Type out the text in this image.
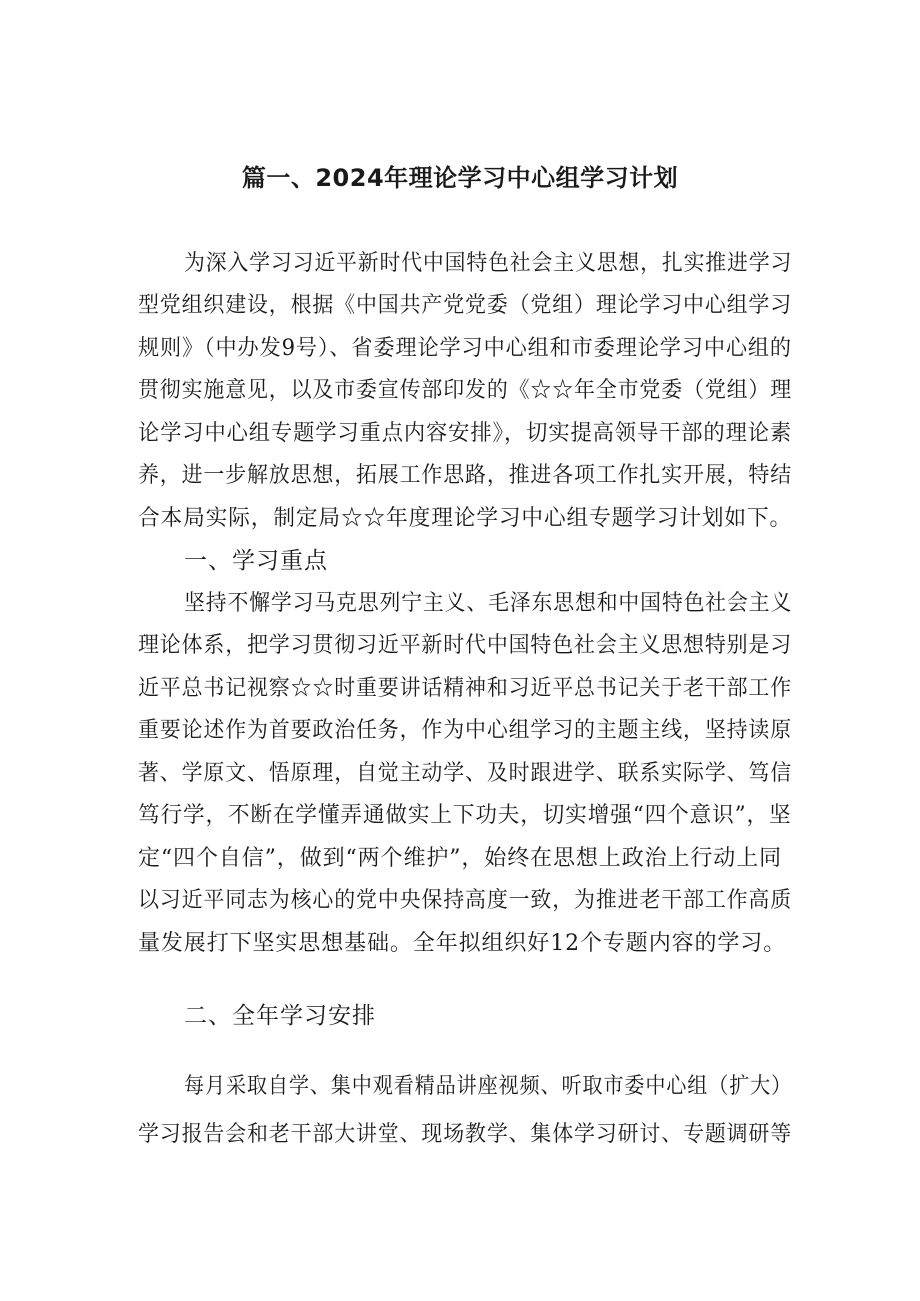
篇一、2024年理论学习中心组学习计划
为深入学习习近平新时代中国特色社会主义思想，扎实推进学习
型党组织建设，根据《中国共产党党委（党组）理论学习中心组学习
规则》（中办发9号）、省委理论学习中心组和市委理论学习中心组的
贯彻实施意见，以及市委宣传部印发的《☆☆年全市党委（党组）理
论学习中心组专题学习重点内容安排》，切实提高领导干部的理论素
养，进一步解放思想，拓展工作思路，推进各项工作扎实开展，特结
合本局实际，制定局☆☆年度理论学习中心组专题学习计划如下。
一、学习重点
坚持不懈学习马克思列宁主义、毛泽东思想和中国特色社会主义
理论体系，把学习贯彻习近平新时代中国特色社会主义思想特别是习
近平总书记视察☆☆时重要讲话精神和习近平总书记关于老干部工作
重要论述作为首要政治任务，作为中心组学习的主题主线，坚持读原
著、学原文、悟原理，自觉主动学、及时跟进学、联系实际学、笃信
笃行学，不断在学懂弄通做实上下功夫，切实增强“四个意识”，坚
定“四个自信”，做到“两个维护”，始终在思想上政治上行动上同
以习近平同志为核心的党中央保持高度一致，为推进老干部工作高质
量发展打下坚实思想基础。全年拟组织好12个专题内容的学习。
二、全年学习安排
每月采取自学、集中观看精品讲座视频、听取市委中心组（扩大）
学习报告会和老干部大讲堂、现场教学、集体学习研讨、专题调研等
